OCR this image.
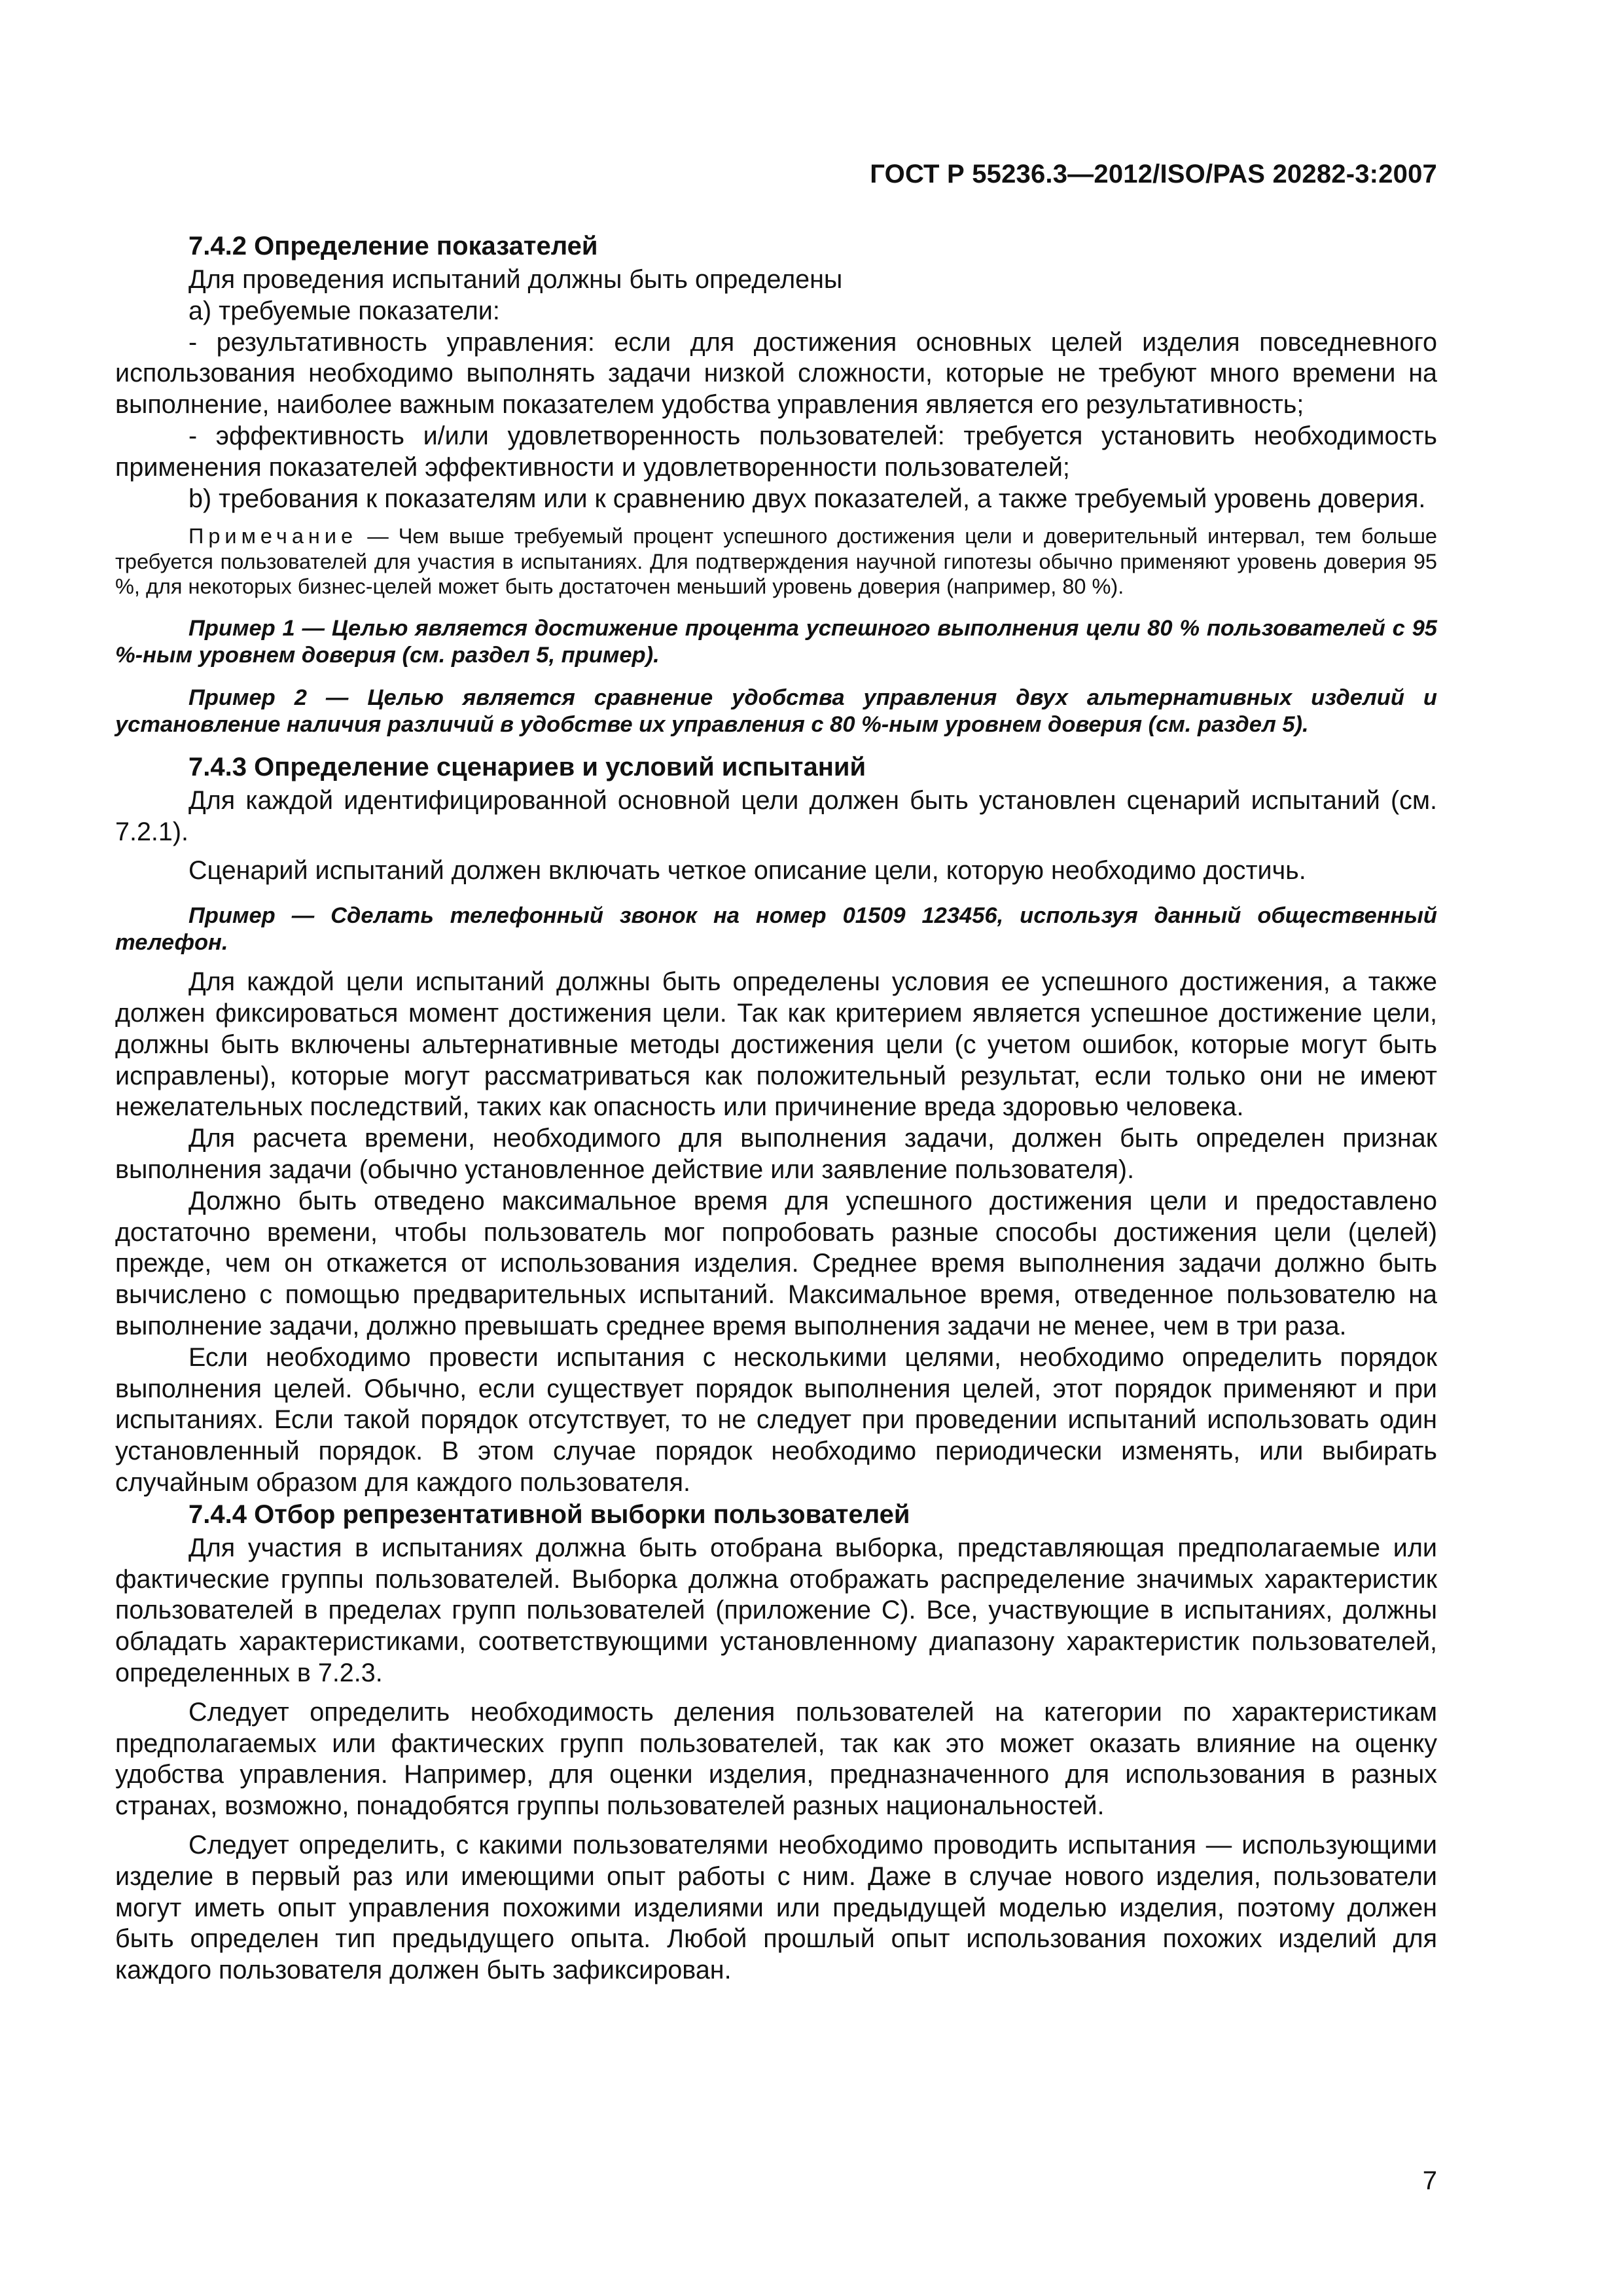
ГОСТ Р 55236.3—2012/ISO/PAS 20282-3:2007
7.4.2 Определение показателей

Для проведения испытаний должны быть определены

a) требуемые показатели:

- результативность управления: если для достижения основных целей изделия повседневного использования необходимо выполнять задачи низкой сложности, которые не требуют много времени на выполнение, наиболее важным показателем удобства управления является его результативность;

- эффективность и/или удовлетворенность пользователей: требуется установить необходимость применения показателей эффективности и удовлетворенности пользователей;

b) требования к показателям или к сравнению двух показателей, а также требуемый уровень доверия.

Примечание — Чем выше требуемый процент успешного достижения цели и доверительный интервал, тем больше требуется пользователей для участия в испытаниях. Для подтверждения научной гипотезы обычно применяют уровень доверия 95 %, для некоторых бизнес-целей может быть достаточен меньший уровень доверия (например, 80 %).
Пример 1 — Целью является достижение процента успешного выполнения цели 80 % пользователей с 95 %-ным уровнем доверия (см. раздел 5, пример).
Пример 2 — Целью является сравнение удобства управления двух альтернативных изделий и установление наличия различий в удобстве их управления с 80 %-ным уровнем доверия (см. раздел 5).
7.4.3 Определение сценариев и условий испытаний

Для каждой идентифицированной основной цели должен быть установлен сценарий испытаний (см. 7.2.1).

Сценарий испытаний должен включать четкое описание цели, которую необходимо достичь.

Пример — Сделать телефонный звонок на номер 01509 123456, используя данный общественный телефон.

Для каждой цели испытаний должны быть определены условия ее успешного достижения, а также должен фиксироваться момент достижения цели. Так как критерием является успешное достижение цели, должны быть включены альтернативные методы достижения цели (с учетом ошибок, которые могут быть исправлены), которые могут рассматриваться как положительный результат, если только они не имеют нежелательных последствий, таких как опасность или причинение вреда здоровью человека.

Для расчета времени, необходимого для выполнения задачи, должен быть определен признак выполнения задачи (обычно установленное действие или заявление пользователя).

Должно быть отведено максимальное время для успешного достижения цели и предоставлено достаточно времени, чтобы пользователь мог попробовать разные способы достижения цели (целей) прежде, чем он откажется от использования изделия. Среднее время выполнения задачи должно быть вычислено с помощью предварительных испытаний. Максимальное время, отведенное пользователю на выполнение задачи, должно превышать среднее время выполнения задачи не менее, чем в три раза.

Если необходимо провести испытания с несколькими целями, необходимо определить порядок выполнения целей. Обычно, если существует порядок выполнения целей, этот порядок применяют и при испытаниях. Если такой порядок отсутствует, то не следует при проведении испытаний использовать один установленный порядок. В этом случае порядок необходимо периодически изменять, или выбирать случайным образом для каждого пользователя.

7.4.4 Отбор репрезентативной выборки пользователей

Для участия в испытаниях должна быть отобрана выборка, представляющая предполагаемые или фактические группы пользователей. Выборка должна отображать распределение значимых характеристик пользователей в пределах групп пользователей (приложение С). Все, участвующие в испытаниях, должны обладать характеристиками, соответствующими установленному диапазону характеристик пользователей, определенных в 7.2.3.

Следует определить необходимость деления пользователей на категории по характеристикам предполагаемых или фактических групп пользователей, так как это может оказать влияние на оценку удобства управления. Например, для оценки изделия, предназначенного для использования в разных странах, возможно, понадобятся группы пользователей разных национальностей.

Следует определить, с какими пользователями необходимо проводить испытания — использующими изделие в первый раз или имеющими опыт работы с ним. Даже в случае нового изделия, пользователи могут иметь опыт управления похожими изделиями или предыдущей моделью изделия, поэтому должен быть определен тип предыдущего опыта. Любой прошлый опыт использования похожих изделий для каждого пользователя должен быть зафиксирован.

7
